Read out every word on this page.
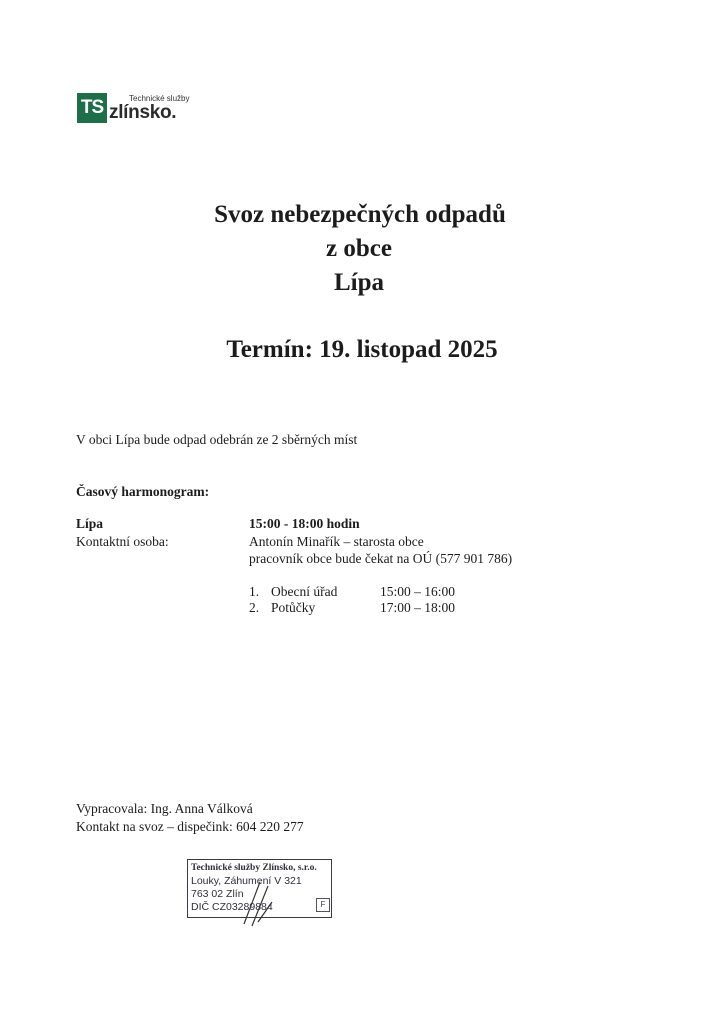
TS	Technické služby
zlínsko.
Svoz nebezpečných odpadů
z obce
Lípa
Termín: 19. listopad 2025
V obci Lípa bude odpad odebrán ze 2 sběrných míst
Časový harmonogram:
Lípa	15:00 - 18:00 hodin
Kontaktní osoba:	Antonín Minařík – starosta obce
pracovník obce bude čekat na OÚ (577 901 786)
1. Obecní úřad	15:00 – 16:00
2. Potůčky	17:00 – 18:00
Vypracovala: Ing. Anna Válková
Kontakt na svoz – dispečink: 604 220 277
Technické služby Zlínsko, s.r.o.
Louky, Záhumení V 321
763 02 Zlín
DIČ CZ03289884	F
